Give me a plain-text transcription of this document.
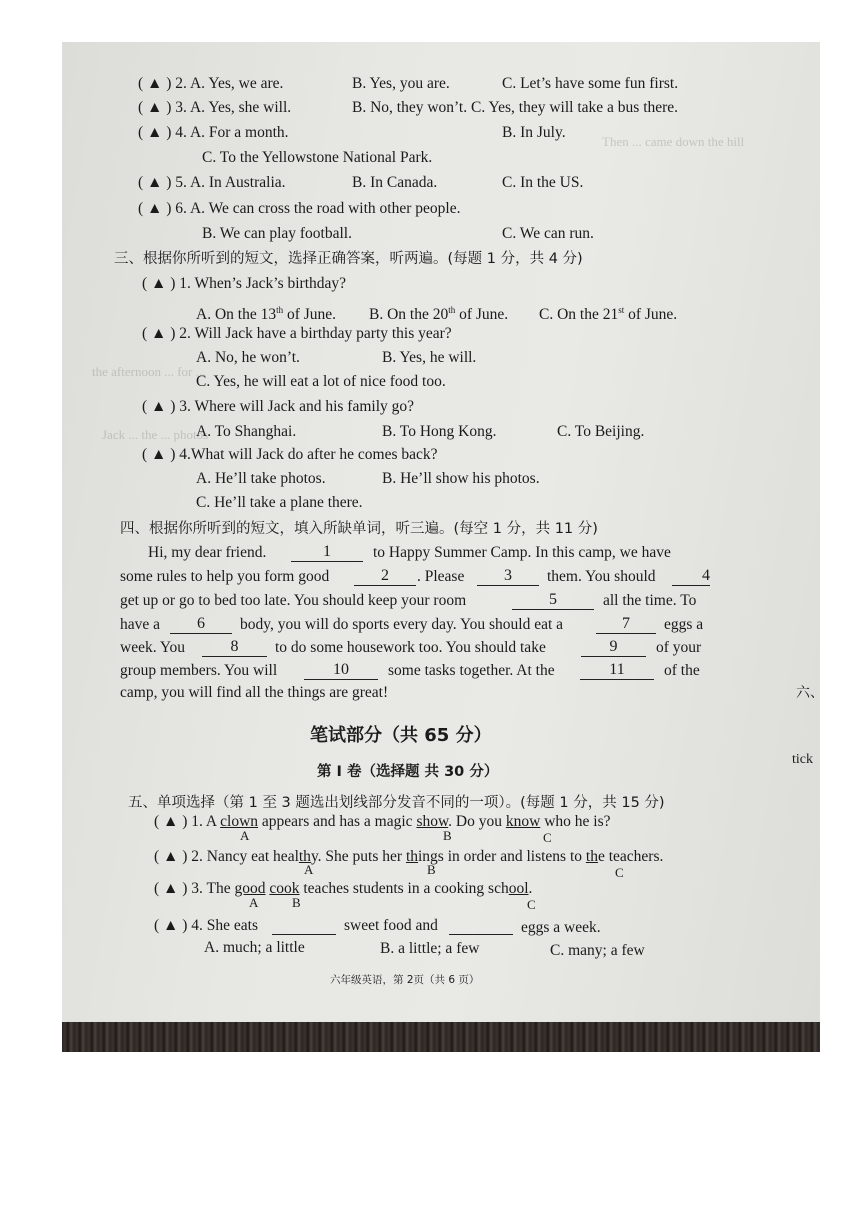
Then ... came down the hill
the afternoon ... for ...
Jack ... the ... photos
( ▲ ) 2. A. Yes, we are.	B. Yes, you are.	C. Let’s have some fun first.
( ▲ ) 3. A. Yes, she will.	B. No, they won’t. C. Yes, they will take a bus there.
( ▲ ) 4. A. For a month.	B. In July.
C. To the Yellowstone National Park.
( ▲ ) 5. A. In Australia.	B. In Canada.	C. In the US.
( ▲ ) 6. A. We can cross the road with other people.
B. We can play football.	C. We can run.
三、根据你所听到的短文，选择正确答案，听两遍。(每题 1 分，共 4 分)
( ▲ ) 1. When’s Jack’s birthday?
A. On the 13th of June. B. On the 20th of June. C. On the 21st of June.
( ▲ ) 2. Will Jack have a birthday party this year?
A. No, he won’t.	B. Yes, he will.
C. Yes, he will eat a lot of nice food too.
( ▲ ) 3. Where will Jack and his family go?
A. To Shanghai.	B. To Hong Kong.	C. To Beijing.
( ▲ ) 4.What will Jack do after he comes back?
A. He’ll take photos.	B. He’ll show his photos.
C. He’ll take a plane there.
四、根据你所听到的短文，填入所缺单词，听三遍。(每空 1 分，共 11 分)
Hi, my dear friend.	1	to Happy Summer Camp. In this camp, we have
some rules to help you form good	2	. Please	3	them. You should	4
get up or go to bed too late. You should keep your room	5	all the time. To
have a	6	body, you will do sports every day. You should eat a	7	eggs a
week. You	8	to do some housework too. You should take	9	of your
group members. You will	10	some tasks together. At the	11	of the
camp, you will find all the things are great!
笔试部分（共 65 分）
第 I 卷（选择题 共 30 分）
五、单项选择（第 1 至 3 题选出划线部分发音不同的一项）。(每题 1 分，共 15 分)
( ▲ ) 1. A clown appears and has a magic show. Do you know who he is?
A	B	C
( ▲ ) 2. Nancy eat healthy. She puts her things in order and listens to the teachers.
A	B	C
( ▲ ) 3. The good cook teaches students in a cooking school.
A	B	C
( ▲ ) 4. She eats	sweet food and	eggs a week.
A. much; a little	B. a little; a few	C. many; a few
六年级英语，第 2页（共 6 页）
六、
tick
